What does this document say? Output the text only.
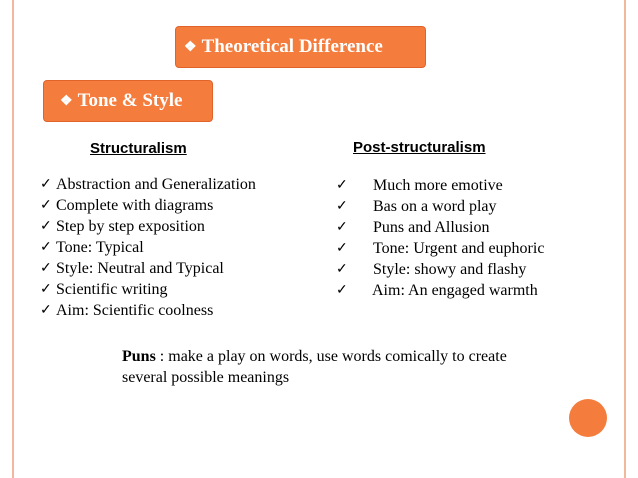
❖ Theoretical Difference
❖ Tone & Style
Structuralism	Post-structuralism
✓ Abstraction and Generalization
✓ Complete with diagrams
✓ Step by step exposition
✓ Tone: Typical
✓ Style: Neutral and Typical
✓ Scientific writing
✓ Aim: Scientific coolness
✓	Much more emotive
✓	Bas on a word play
✓	Puns and Allusion
✓	Tone: Urgent and euphoric
✓	Style: showy and flashy
✓	Aim: An engaged warmth
Puns : make a play on words, use words comically to create several possible meanings
